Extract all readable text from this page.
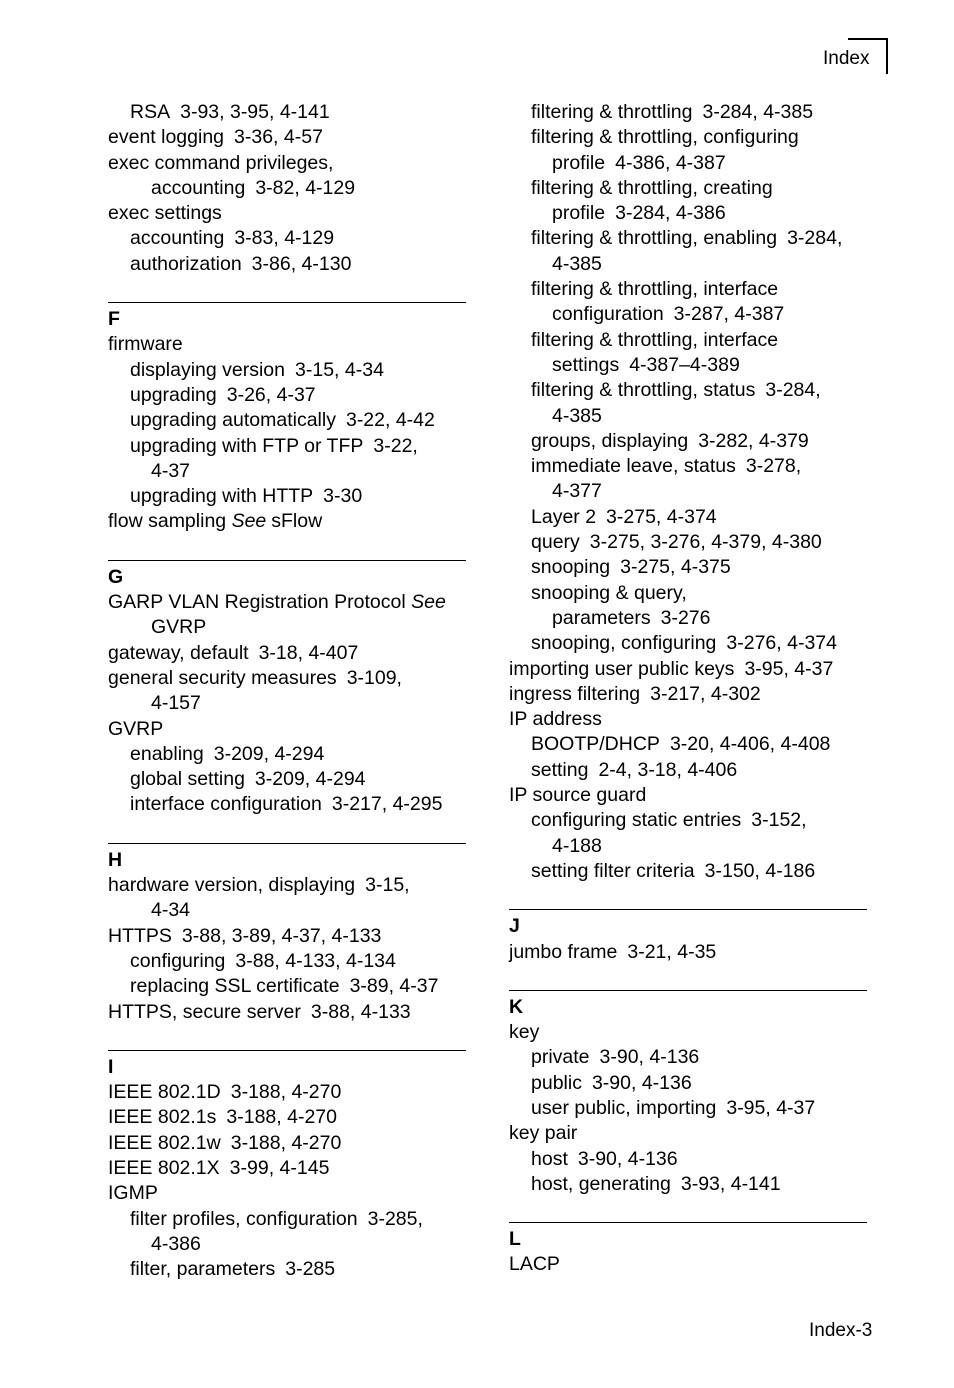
Index
RSA 3-93, 3-95, 4-141
event logging 3-36, 4-57
exec command privileges,
accounting 3-82, 4-129
exec settings
accounting 3-83, 4-129
authorization 3-86, 4-130
F
firmware
displaying version 3-15, 4-34
upgrading 3-26, 4-37
upgrading automatically 3-22, 4-42
upgrading with FTP or TFP 3-22,
4-37
upgrading with HTTP 3-30
flow sampling See sFlow
G
GARP VLAN Registration Protocol See
GVRP
gateway, default 3-18, 4-407
general security measures 3-109,
4-157
GVRP
enabling 3-209, 4-294
global setting 3-209, 4-294
interface configuration 3-217, 4-295
H
hardware version, displaying 3-15,
4-34
HTTPS 3-88, 3-89, 4-37, 4-133
configuring 3-88, 4-133, 4-134
replacing SSL certificate 3-89, 4-37
HTTPS, secure server 3-88, 4-133
I
IEEE 802.1D 3-188, 4-270
IEEE 802.1s 3-188, 4-270
IEEE 802.1w 3-188, 4-270
IEEE 802.1X 3-99, 4-145
IGMP
filter profiles, configuration 3-285,
4-386
filter, parameters 3-285
filtering & throttling 3-284, 4-385
filtering & throttling, configuring
profile 4-386, 4-387
filtering & throttling, creating
profile 3-284, 4-386
filtering & throttling, enabling 3-284,
4-385
filtering & throttling, interface
configuration 3-287, 4-387
filtering & throttling, interface
settings 4-387–4-389
filtering & throttling, status 3-284,
4-385
groups, displaying 3-282, 4-379
immediate leave, status 3-278,
4-377
Layer 2 3-275, 4-374
query 3-275, 3-276, 4-379, 4-380
snooping 3-275, 4-375
snooping & query,
parameters 3-276
snooping, configuring 3-276, 4-374
importing user public keys 3-95, 4-37
ingress filtering 3-217, 4-302
IP address
BOOTP/DHCP 3-20, 4-406, 4-408
setting 2-4, 3-18, 4-406
IP source guard
configuring static entries 3-152,
4-188
setting filter criteria 3-150, 4-186
J
jumbo frame 3-21, 4-35
K
key
private 3-90, 4-136
public 3-90, 4-136
user public, importing 3-95, 4-37
key pair
host 3-90, 4-136
host, generating 3-93, 4-141
L
LACP
Index-3
